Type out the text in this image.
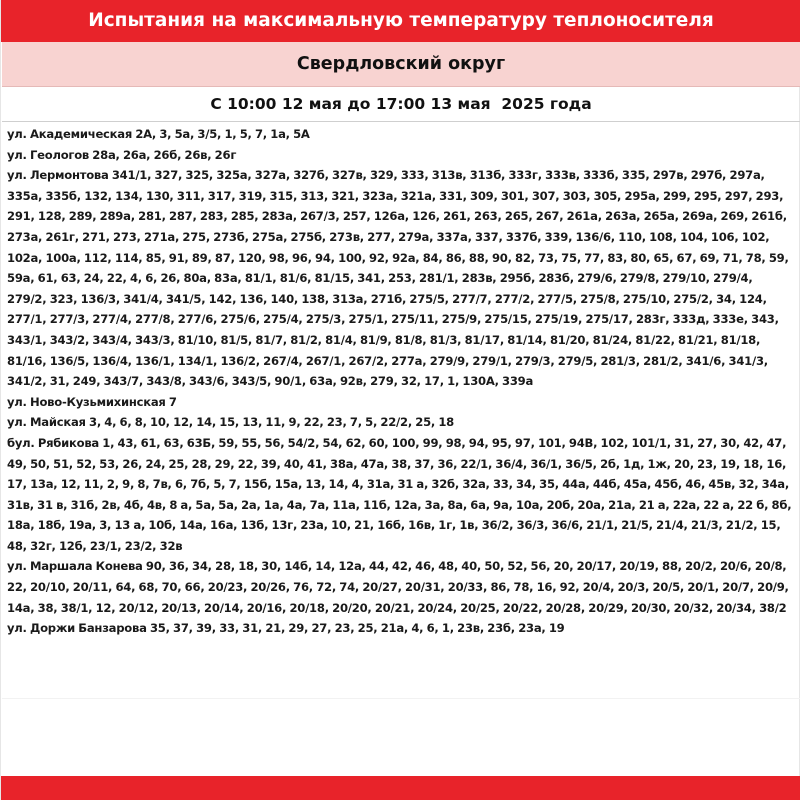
Испытания на максимальную температуру теплоносителя
Свердловский округ
С 10:00 12 мая до 17:00 13 мая  2025 года

ул. Академическая 2А, 3, 5а, 3/5, 1, 5, 7, 1а, 5А

ул. Геологов 28а, 26а, 26б, 26в, 26г

ул. Лермонтова 341/1, 327, 325, 325а, 327а, 327б, 327в, 329, 333, 313в, 313б, 333г, 333в, 333б, 335, 297в, 297б, 297а, 335а, 335б, 132, 134, 130, 311, 317, 319, 315, 313, 321, 323а, 321а, 331, 309, 301, 307, 303, 305, 295а, 299, 295, 297, 293, 291, 128, 289, 289а, 281, 287, 283, 285, 283а, 267/3, 257, 126а, 126, 261, 263, 265, 267, 261а, 263а, 265а, 269а, 269, 261б, 273а, 261г, 271, 273, 271а, 275, 273б, 275а, 275б, 273в, 277, 279а, 337а, 337, 337б, 339, 136/6, 110, 108, 104, 106, 102, 102а, 100а, 112, 114, 85, 91, 89, 87, 120, 98, 96, 94, 100, 92, 92а, 84, 86, 88, 90, 82, 73, 75, 77, 83, 80, 65, 67, 69, 71, 78, 59, 59а, 61, 63, 24, 22, 4, 6, 26, 80а, 83а, 81/1, 81/6, 81/15, 341, 253, 281/1, 283в, 295б, 283б, 279/6, 279/8, 279/10, 279/4, 279/2, 323, 136/3, 341/4, 341/5, 142, 136, 140, 138, 313а, 271б, 275/5, 277/7, 277/2, 277/5, 275/8, 275/10, 275/2, 34, 124, 277/1, 277/3, 277/4, 277/8, 277/6, 275/6, 275/4, 275/3, 275/1, 275/11, 275/9, 275/15, 275/19, 275/17, 283г, 333д, 333е, 343, 343/1, 343/2, 343/4, 343/3, 81/10, 81/5, 81/7, 81/2, 81/4, 81/9, 81/8, 81/3, 81/17, 81/14, 81/20, 81/24, 81/22, 81/21, 81/18, 81/16, 136/5, 136/4, 136/1, 134/1, 136/2, 267/4, 267/1, 267/2, 277а, 279/9, 279/1, 279/3, 279/5, 281/3, 281/2, 341/6, 341/3, 341/2, 31, 249, 343/7, 343/8, 343/6, 343/5, 90/1, 63а, 92в, 279, 32, 17, 1, 130А, 339а

ул. Ново-Кузьмихинская 7

ул. Майская 3, 4, 6, 8, 10, 12, 14, 15, 13, 11, 9, 22, 23, 7, 5, 22/2, 25, 18

бул. Рябикова 1, 43, 61, 63, 63Б, 59, 55, 56, 54/2, 54, 62, 60, 100, 99, 98, 94, 95, 97, 101, 94В, 102, 101/1, 31, 27, 30, 42, 47, 49, 50, 51, 52, 53, 26, 24, 25, 28, 29, 22, 39, 40, 41, 38а, 47а, 38, 37, 36, 22/1, 36/4, 36/1, 36/5, 2б, 1д, 1ж, 20, 23, 19, 18, 16, 17, 13а, 12, 11, 2, 9, 8, 7в, 6, 7б, 5, 7, 15б, 15а, 13, 14, 4, 31а, 31 а, 32б, 32а, 33, 34, 35, 44а, 44б, 45а, 45б, 46, 45в, 32, 34а, 31в, 31 в, 31б, 2в, 4б, 4в, 8 а, 5а, 5а, 2а, 1а, 4а, 7а, 11а, 11б, 12а, 3а, 8а, 6а, 9а, 10а, 20б, 20а, 21а, 21 а, 22а, 22 а, 22 б, 8б, 18а, 18б, 19а, 3, 13 а, 10б, 14а, 16а, 13б, 13г, 23а, 10, 21, 16б, 16в, 1г, 1в, 36/2, 36/3, 36/6, 21/1, 21/5, 21/4, 21/3, 21/2, 15, 48, 32г, 12б, 23/1, 23/2, 32в

ул. Маршала Конева 90, 36, 34, 28, 18, 30, 14б, 14, 12а, 44, 42, 46, 48, 40, 50, 52, 56, 20, 20/17, 20/19, 88, 20/2, 20/6, 20/8, 22, 20/10, 20/11, 64, 68, 70, 66, 20/23, 20/26, 76, 72, 74, 20/27, 20/31, 20/33, 86, 78, 16, 92, 20/4, 20/3, 20/5, 20/1, 20/7, 20/9, 14а, 38, 38/1, 12, 20/12, 20/13, 20/14, 20/16, 20/18, 20/20, 20/21, 20/24, 20/25, 20/22, 20/28, 20/29, 20/30, 20/32, 20/34, 38/2

ул. Доржи Банзарова 35, 37, 39, 33, 31, 21, 29, 27, 23, 25, 21а, 4, 6, 1, 23в, 23б, 23а, 19
